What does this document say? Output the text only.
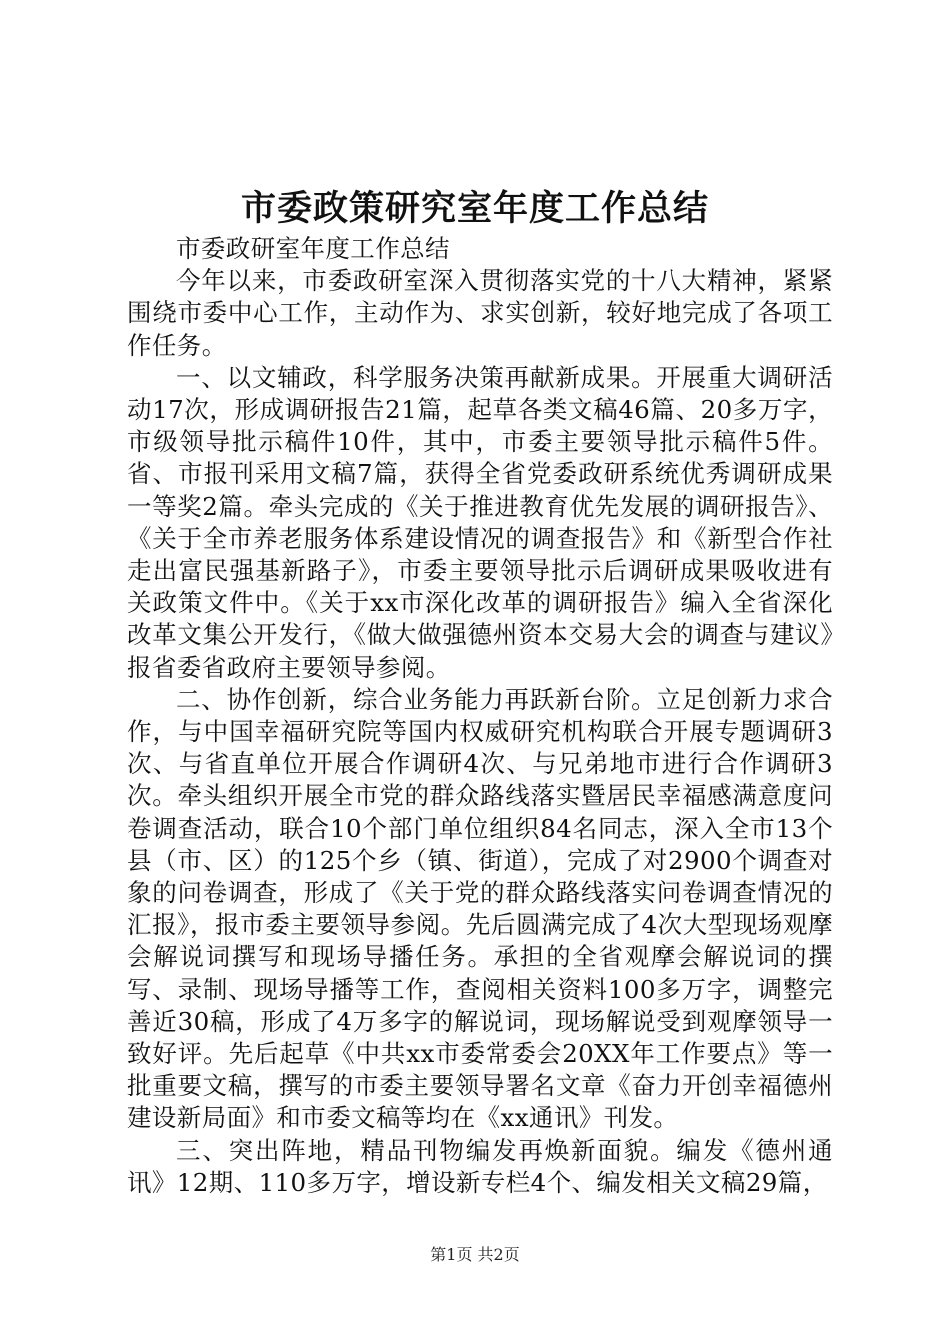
市委政策研究室年度工作总结

市委政研室年度工作总结

今年以来，市委政研室深入贯彻落实党的十八大精神，紧紧围绕市委中心工作，主动作为、求实创新，较好地完成了各项工作任务。

一、以文辅政，科学服务决策再献新成果。开展重大调研活动17次，形成调研报告21篇，起草各类文稿46篇、20多万字，市级领导批示稿件10件，其中，市委主要领导批示稿件5件。省、市报刊采用文稿7篇，获得全省党委政研系统优秀调研成果一等奖2篇。牵头完成的《关于推进教育优先发展的调研报告》、《关于全市养老服务体系建设情况的调查报告》和《新型合作社走出富民强基新路子》，市委主要领导批示后调研成果吸收进有关政策文件中。《关于xx市深化改革的调研报告》编入全省深化改革文集公开发行，《做大做强德州资本交易大会的调查与建议》报省委省政府主要领导参阅。

二、协作创新，综合业务能力再跃新台阶。立足创新力求合作，与中国幸福研究院等国内权威研究机构联合开展专题调研3次、与省直单位开展合作调研4次、与兄弟地市进行合作调研3次。牵头组织开展全市党的群众路线落实暨居民幸福感满意度问卷调查活动，联合10个部门单位组织84名同志，深入全市13个县（市、区）的125个乡（镇、街道），完成了对2900个调查对象的问卷调查，形成了《关于党的群众路线落实问卷调查情况的汇报》，报市委主要领导参阅。先后圆满完成了4次大型现场观摩会解说词撰写和现场导播任务。承担的全省观摩会解说词的撰写、录制、现场导播等工作，查阅相关资料100多万字，调整完善近30稿，形成了4万多字的解说词，现场解说受到观摩领导一致好评。先后起草《中共xx市委常委会20XX年工作要点》等一批重要文稿，撰写的市委主要领导署名文章《奋力开创幸福德州建设新局面》和市委文稿等均在《xx通讯》刊发。

三、突出阵地，精品刊物编发再焕新面貌。编发《德州通讯》12期、110多万字，增设新专栏4个、编发相关文稿29篇，

第1页 共2页
